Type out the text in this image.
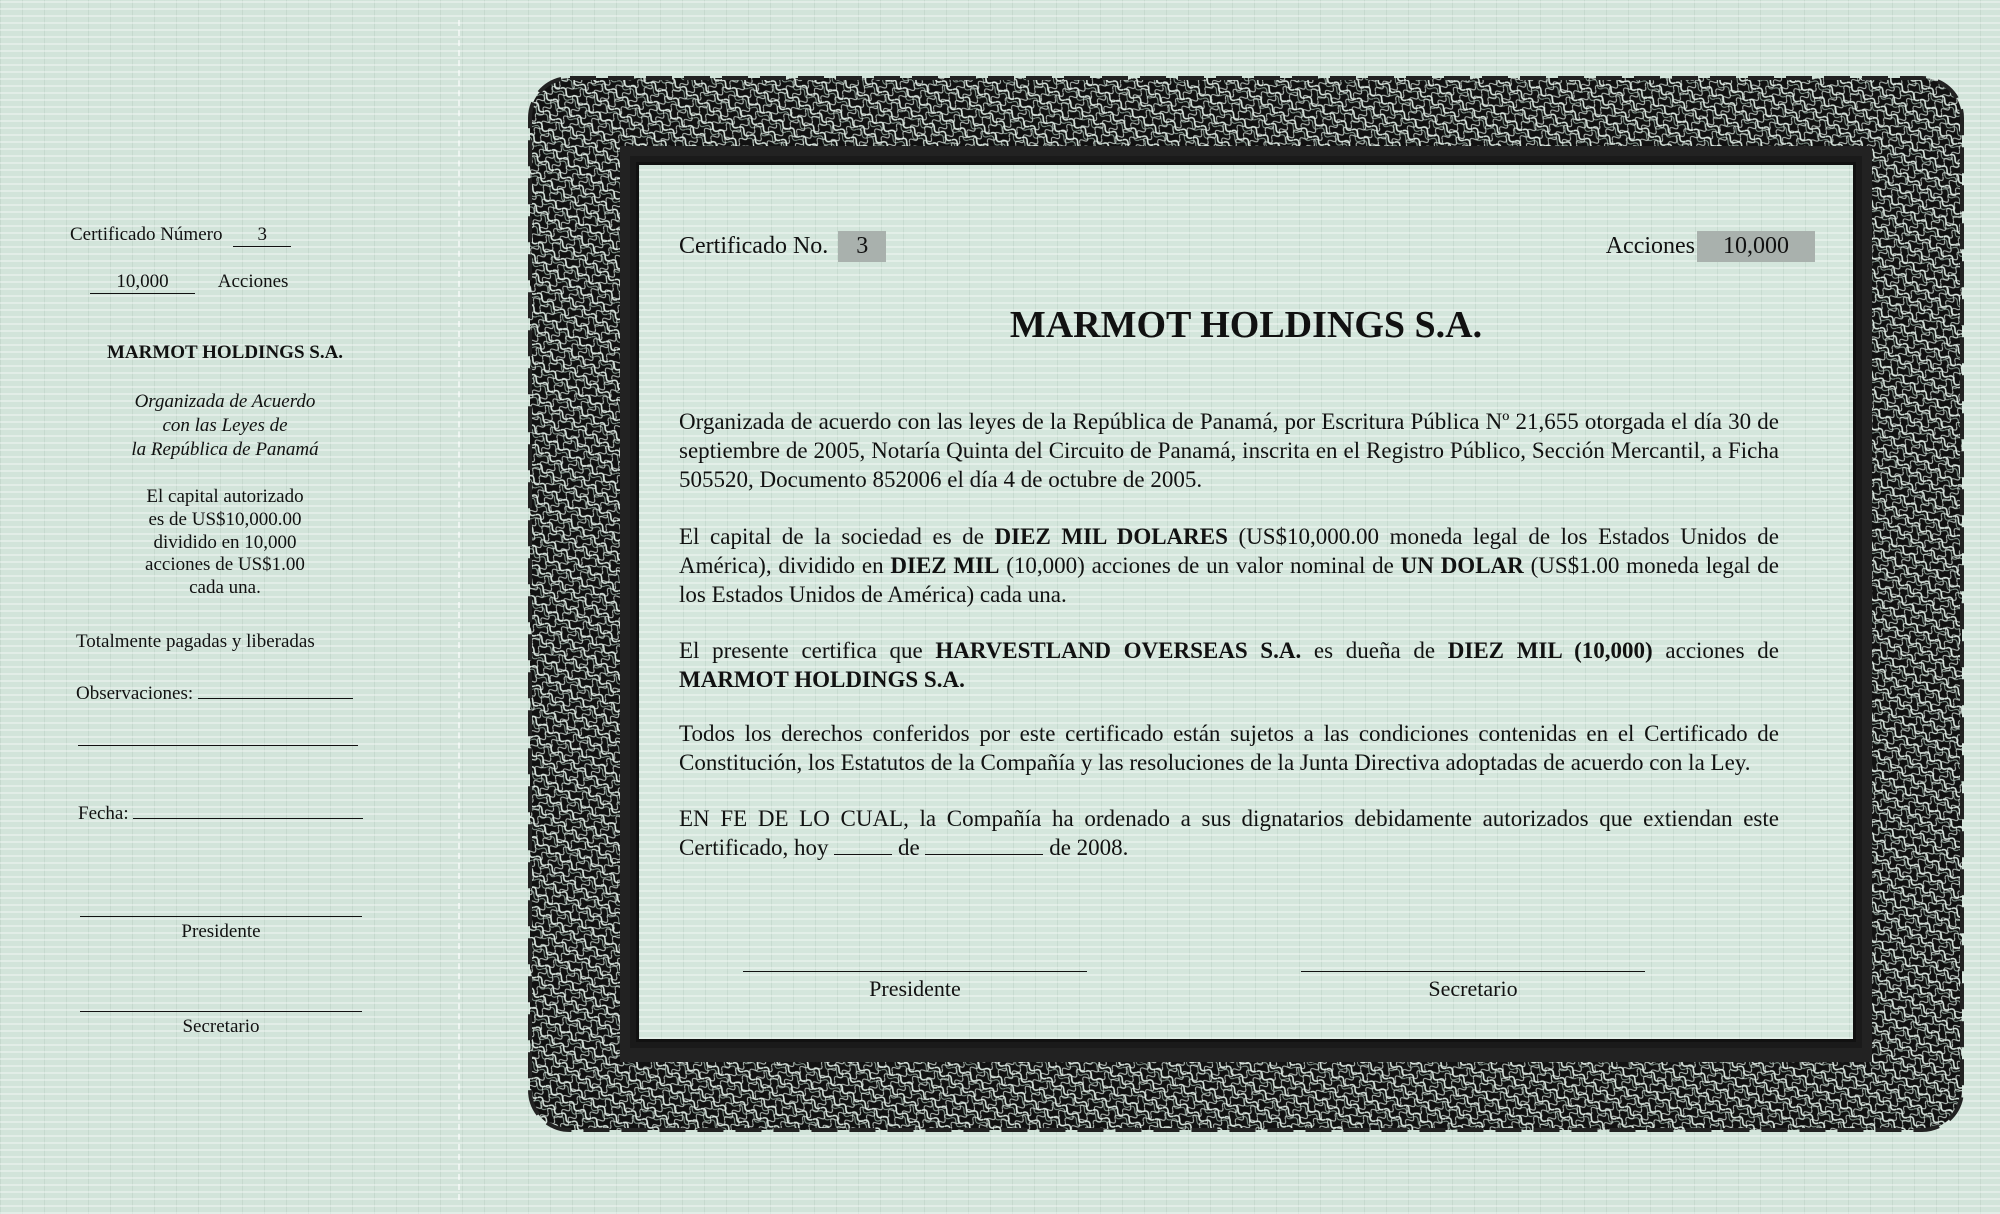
Certificado Número 3
10,000	Acciones
MARMOT HOLDINGS S.A.
Organizada de Acuerdo
con las Leyes de
la República de Panamá
El capital autorizado
es de US$10,000.00
dividido en 10,000
acciones de US$1.00
cada una.
Totalmente pagadas y liberadas
Observaciones:
Fecha:
Presidente
Secretario
Certificado No. 3	Acciones 10,000
MARMOT HOLDINGS S.A.
Organizada de acuerdo con las leyes de la República de Panamá, por Escritura Pública Nº 21,655 otorgada el día 30 de septiembre de 2005, Notaría Quinta del Circuito de Panamá, inscrita en el Registro Público, Sección Mercantil, a Ficha 505520, Documento 852006 el día 4 de octubre de 2005.
El capital de la sociedad es de DIEZ MIL DOLARES (US$10,000.00 moneda legal de los Estados Unidos de América), dividido en DIEZ MIL (10,000) acciones de un valor nominal de UN DOLAR (US$1.00 moneda legal de los Estados Unidos de América) cada una.
El presente certifica que HARVESTLAND OVERSEAS S.A. es dueña de DIEZ MIL (10,000) acciones de MARMOT HOLDINGS S.A.
Todos los derechos conferidos por este certificado están sujetos a las condiciones contenidas en el Certificado de Constitución, los Estatutos de la Compañía y las resoluciones de la Junta Directiva adoptadas de acuerdo con la Ley.
EN FE DE LO CUAL, la Compañía ha ordenado a sus dignatarios debidamente autorizados que extiendan este Certificado, hoy	de	de 2008.
Presidente	Secretario
